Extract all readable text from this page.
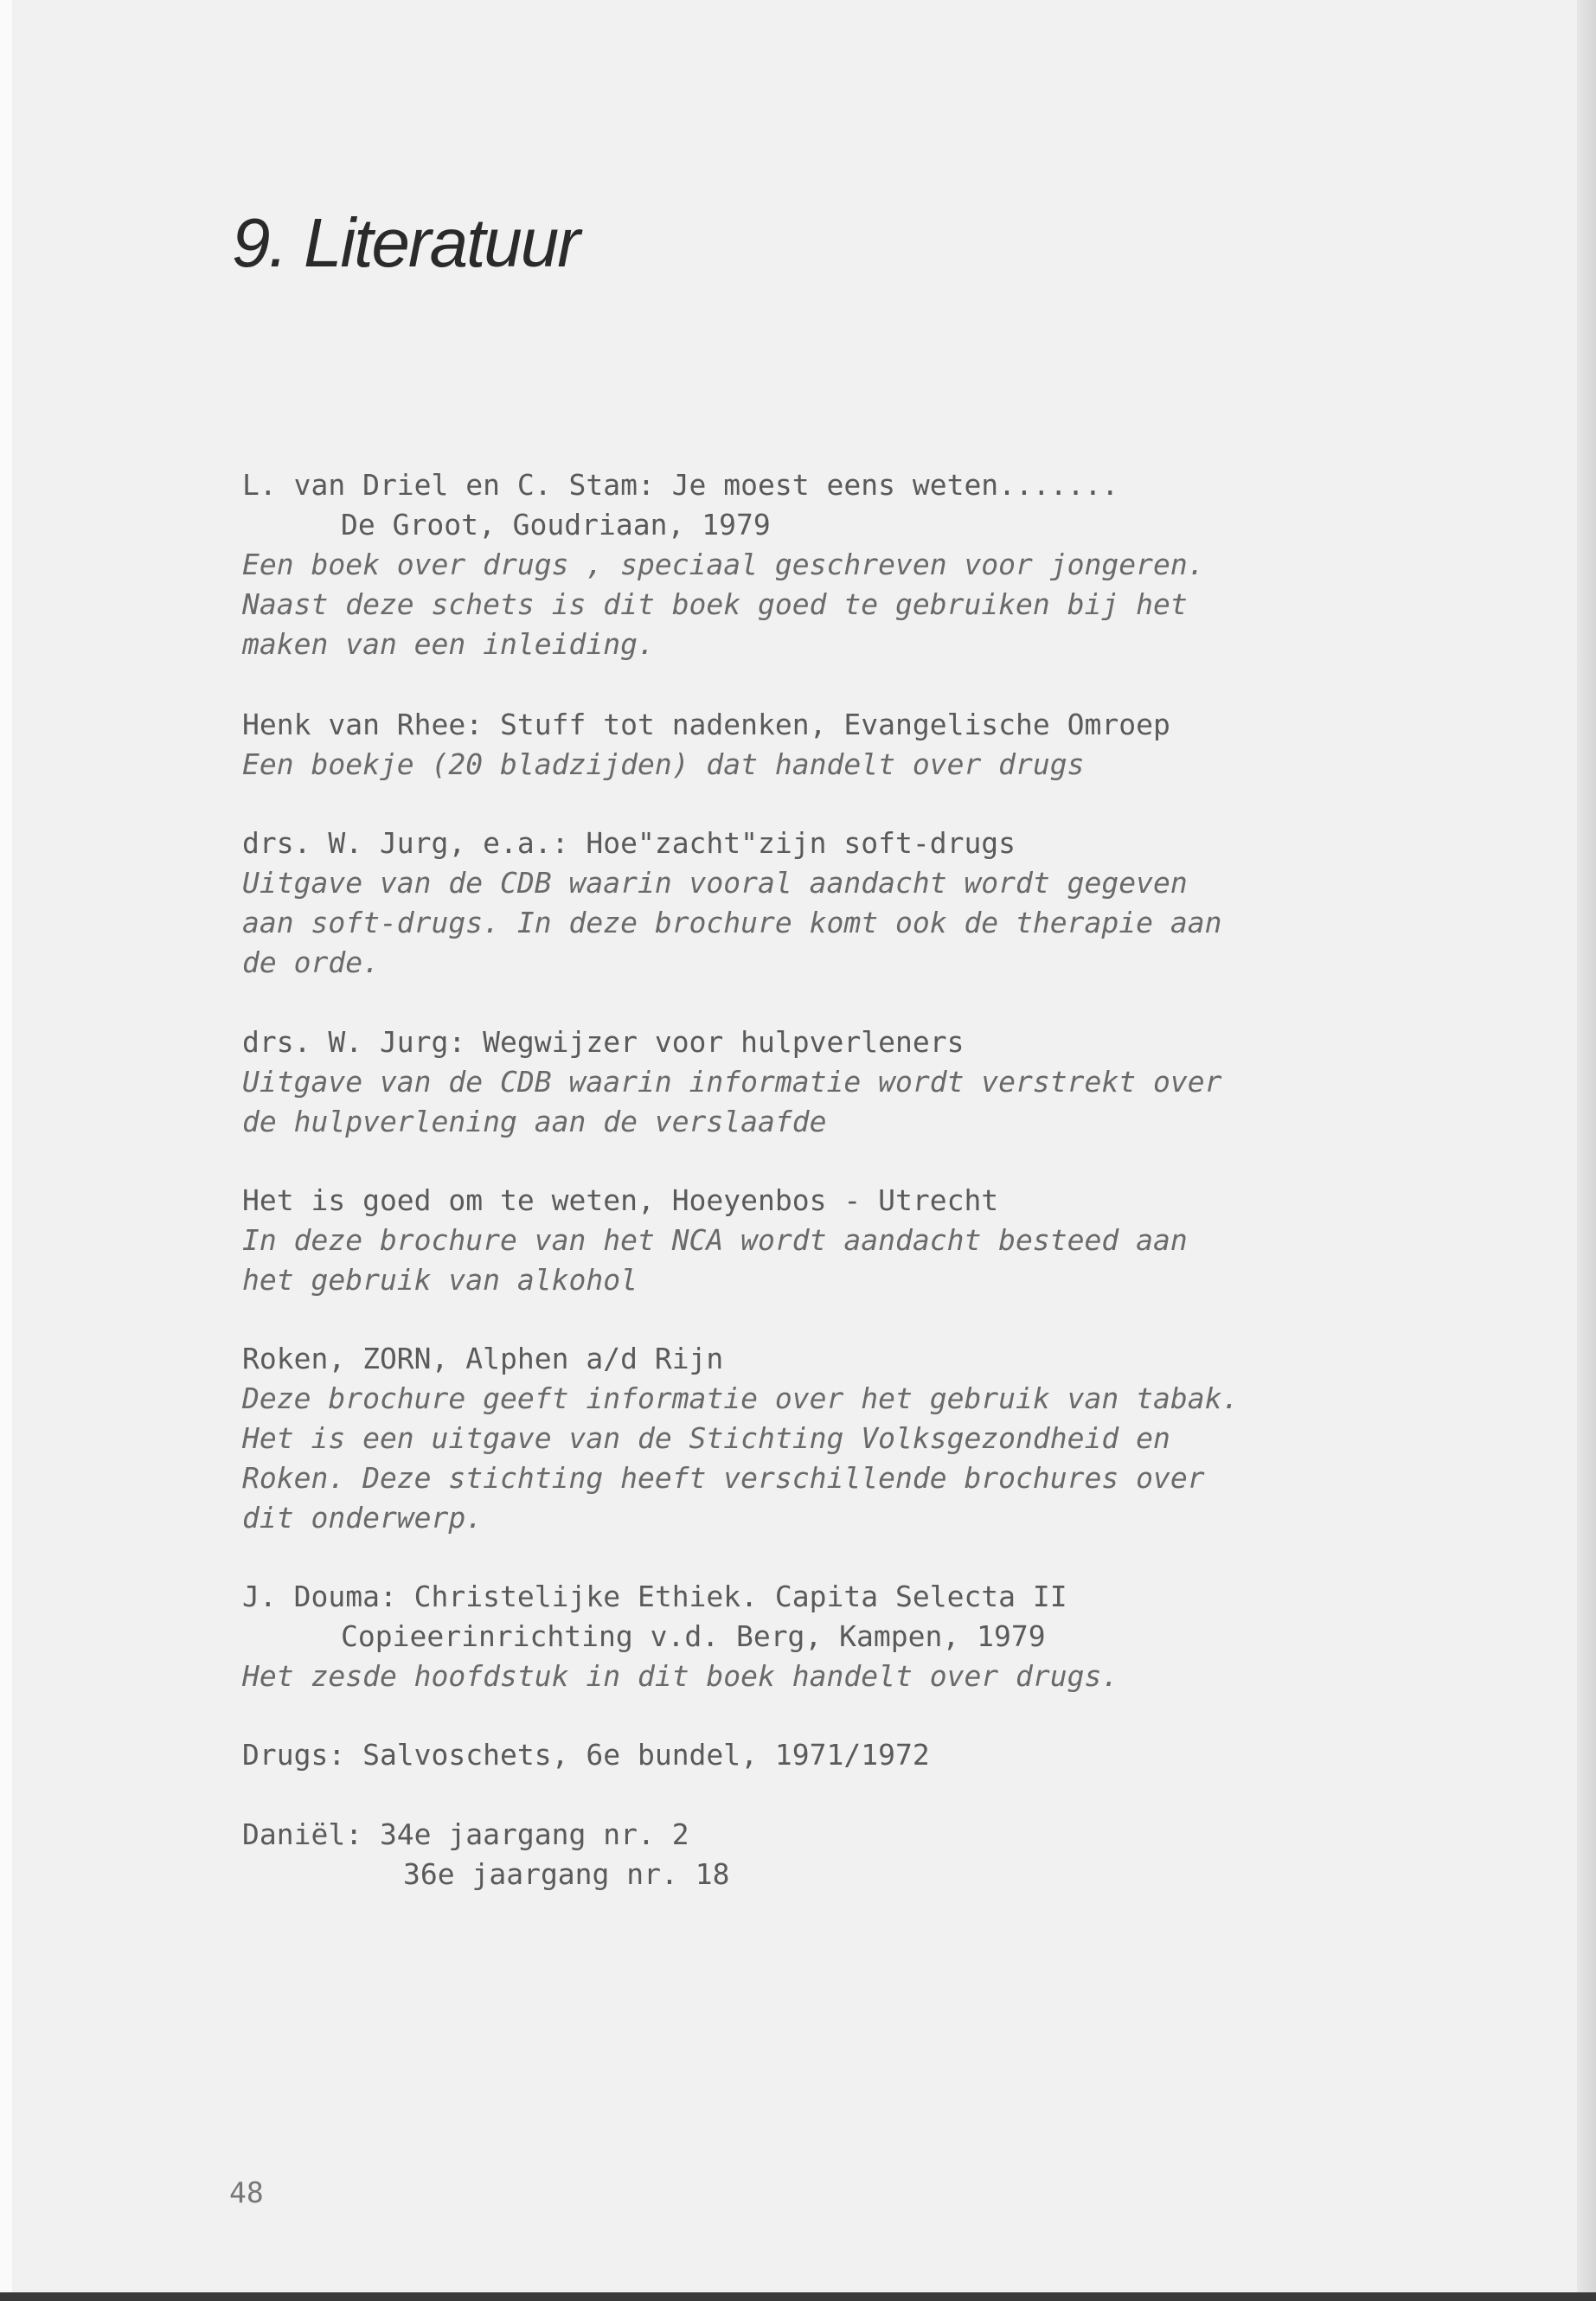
9. Literatuur
L. van Driel en C. Stam: Je moest eens weten.......
De Groot, Goudriaan, 1979
Een boek over drugs , speciaal geschreven voor jongeren.
Naast deze schets is dit boek goed te gebruiken bij het
maken van een inleiding.
Henk van Rhee: Stuff tot nadenken, Evangelische Omroep
Een boekje (20 bladzijden) dat handelt over drugs
drs. W. Jurg, e.a.: Hoe"zacht"zijn soft-drugs
Uitgave van de CDB waarin vooral aandacht wordt gegeven
aan soft-drugs. In deze brochure komt ook de therapie aan
de orde.
drs. W. Jurg: Wegwijzer voor hulpverleners
Uitgave van de CDB waarin informatie wordt verstrekt over
de hulpverlening aan de verslaafde
Het is goed om te weten, Hoeyenbos - Utrecht
In deze brochure van het NCA wordt aandacht besteed aan
het gebruik van alkohol
Roken, ZORN, Alphen a/d Rijn
Deze brochure geeft informatie over het gebruik van tabak.
Het is een uitgave van de Stichting Volksgezondheid en
Roken. Deze stichting heeft verschillende brochures over
dit onderwerp.
J. Douma: Christelijke Ethiek. Capita Selecta II
Copieerinrichting v.d. Berg, Kampen, 1979
Het zesde hoofdstuk in dit boek handelt over drugs.
Drugs: Salvoschets, 6e bundel, 1971/1972
Daniël: 34e jaargang nr. 2
36e jaargang nr. 18
48
